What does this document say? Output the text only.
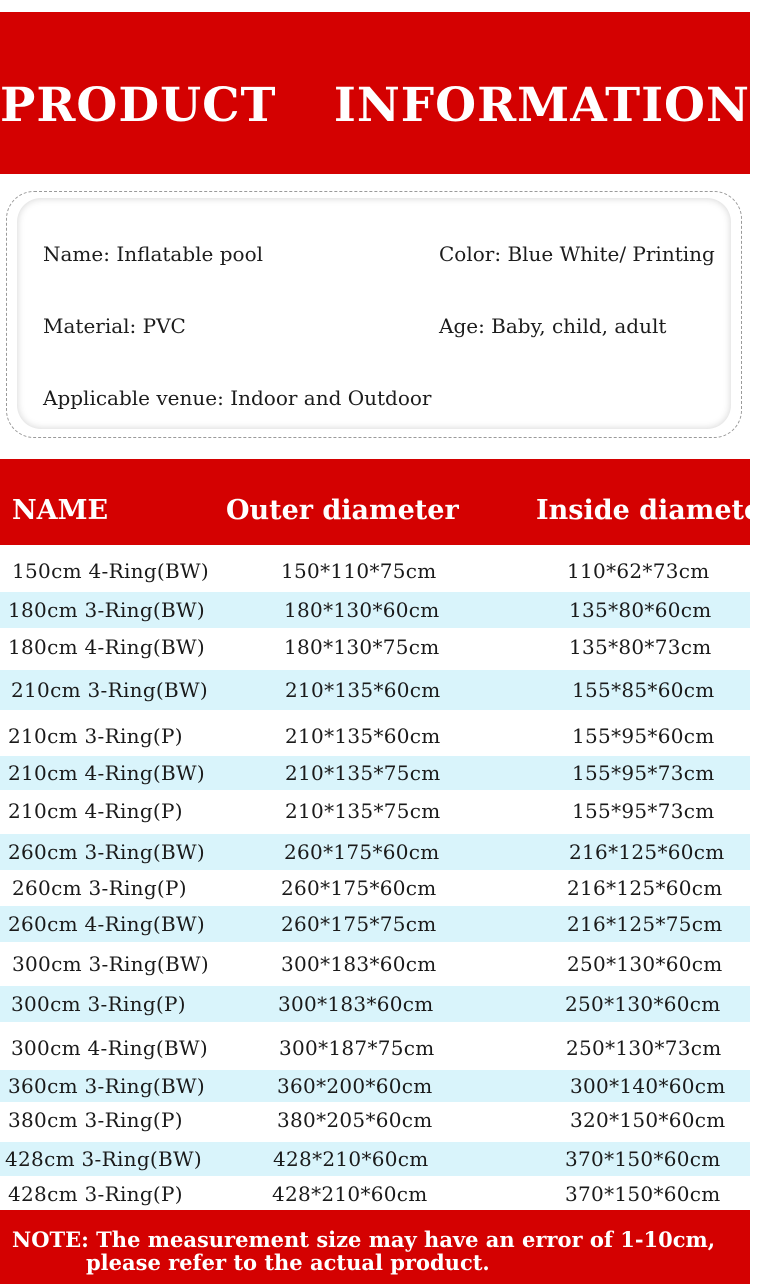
PRODUCT INFORMATION
Name: Inflatable pool	Color: Blue White/ Printing
Material: PVC	Age: Baby, child, adult
Applicable venue: Indoor and Outdoor
NAME	Outer diameter	Inside diameter
150cm 4-Ring(BW)	150*110*75cm	110*62*73cm
180cm 3-Ring(BW)	180*130*60cm	135*80*60cm
180cm 4-Ring(BW)	180*130*75cm	135*80*73cm
210cm 3-Ring(BW)	210*135*60cm	155*85*60cm
210cm 3-Ring(P)	210*135*60cm	155*95*60cm
210cm 4-Ring(BW)	210*135*75cm	155*95*73cm
210cm 4-Ring(P)	210*135*75cm	155*95*73cm
260cm 3-Ring(BW)	260*175*60cm	216*125*60cm
260cm 3-Ring(P)	260*175*60cm	216*125*60cm
260cm 4-Ring(BW)	260*175*75cm	216*125*75cm
300cm 3-Ring(BW)	300*183*60cm	250*130*60cm
300cm 3-Ring(P)	300*183*60cm	250*130*60cm
300cm 4-Ring(BW)	300*187*75cm	250*130*73cm
360cm 3-Ring(BW)	360*200*60cm	300*140*60cm
380cm 3-Ring(P)	380*205*60cm	320*150*60cm
428cm 3-Ring(BW)	428*210*60cm	370*150*60cm
428cm 3-Ring(P)	428*210*60cm	370*150*60cm
NOTE: The measurement size may have an error of 1-10cm,
please refer to the actual product.
